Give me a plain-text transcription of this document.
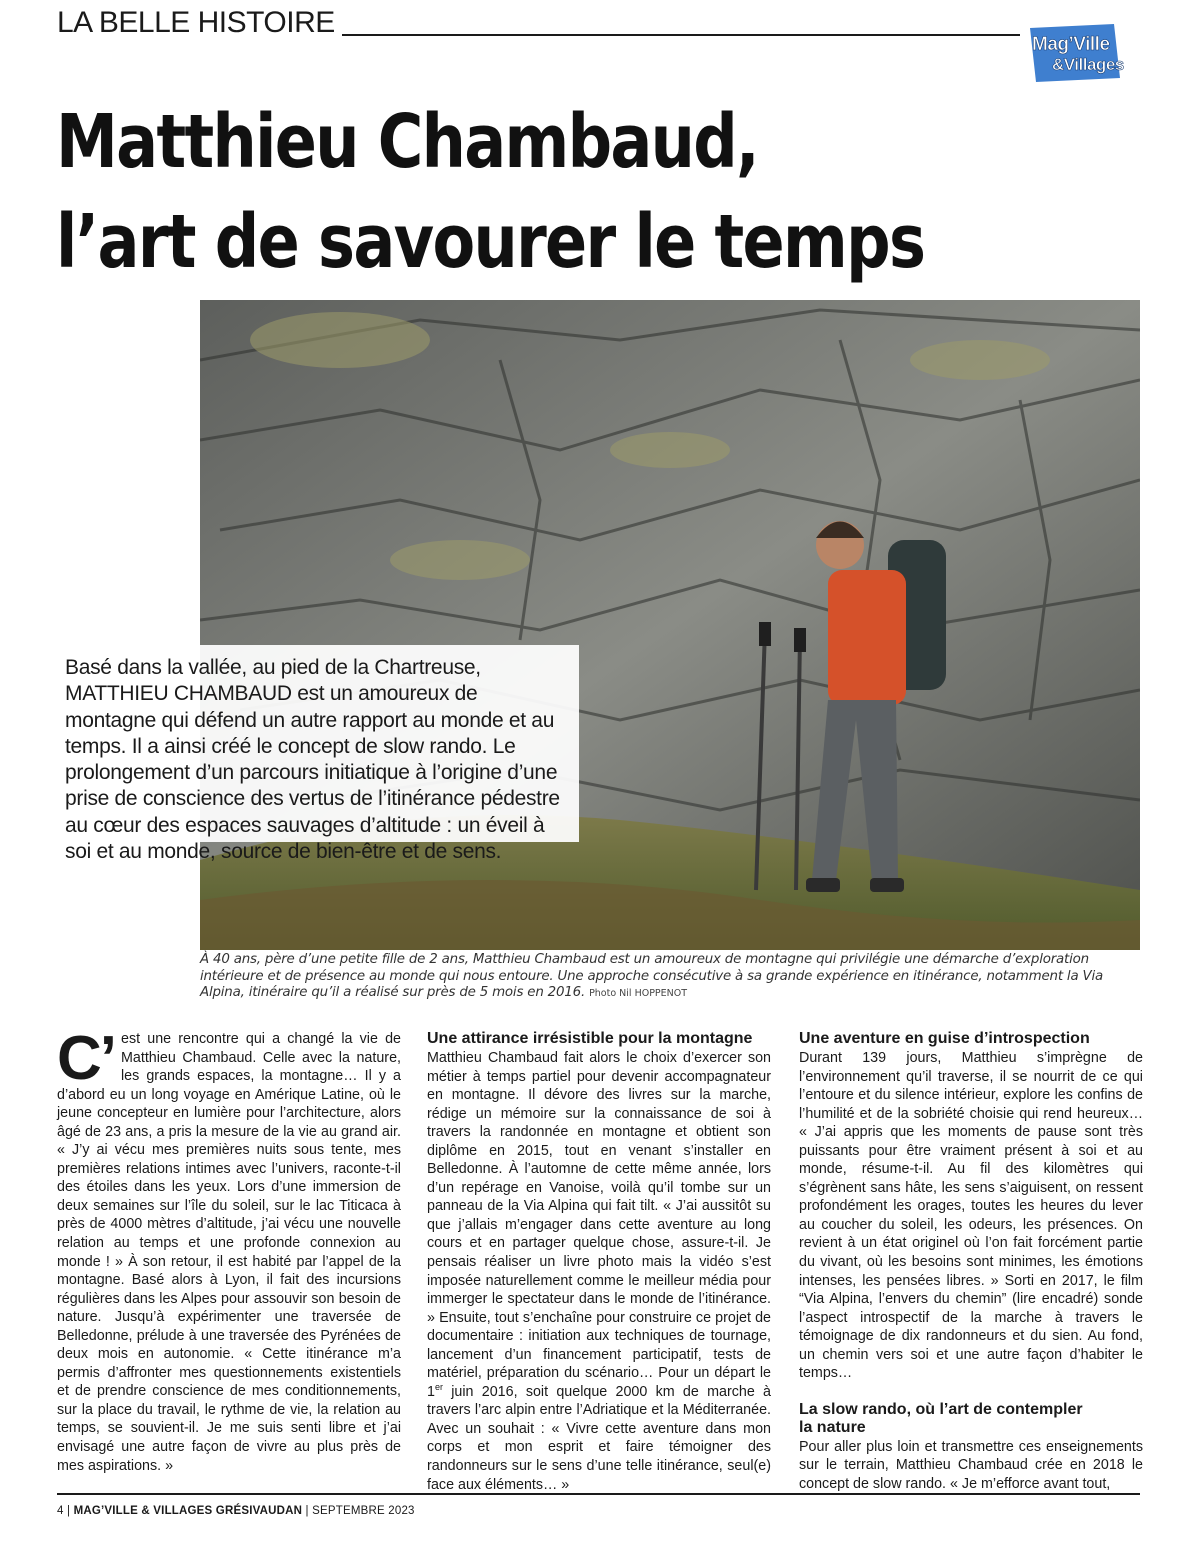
LA BELLE HISTOIRE
Mag’Ville
&Villages
Matthieu Chambaud,
l’art de savourer le temps

Basé dans la vallée, au pied de la Chartreuse, MATTHIEU CHAMBAUD est un amoureux de montagne qui défend un autre rapport au monde et au temps. Il a ainsi créé le concept de slow rando. Le prolongement d’un parcours initiatique à l’origine d’une prise de conscience des vertus de l’itinérance pédestre au cœur des espaces sauvages d’altitude : un éveil à soi et au monde, source de bien-être et de sens.

À 40 ans, père d’une petite fille de 2 ans, Matthieu Chambaud est un amoureux de montagne qui privilégie une démarche d’exploration intérieure et de présence au monde qui nous entoure. Une approche consécutive à sa grande expérience en itinérance, notamment la Via Alpina, itinéraire qu’il a réalisé sur près de 5 mois en 2016. Photo Nil HOPPENOT
C’ est une rencontre qui a changé la vie de Matthieu Chambaud. Celle avec la nature, les grands espaces, la montagne… Il y a d’abord eu un long voyage en Amérique Latine, où le jeune concepteur en lumière pour l’architecture, alors âgé de 23 ans, a pris la mesure de la vie au grand air. « J’y ai vécu mes premières nuits sous tente, mes premières relations intimes avec l’univers, raconte-t-il des étoiles dans les yeux. Lors d’une immersion de deux semaines sur l’île du soleil, sur le lac Titicaca à près de 4000 mètres d’altitude, j’ai vécu une nouvelle relation au temps et une profonde connexion au monde ! » À son retour, il est habité par l’appel de la montagne. Basé alors à Lyon, il fait des incursions régulières dans les Alpes pour assouvir son besoin de nature. Jusqu’à expérimenter une traversée de Belledonne, prélude à une traversée des Pyrénées de deux mois en autonomie. « Cette itinérance m’a permis d’affronter mes questionnements existentiels et de prendre conscience de mes conditionnements, sur la place du travail, le rythme de vie, la relation au temps, se souvient-il. Je me suis senti libre et j’ai envisagé une autre façon de vivre au plus près de mes aspirations. »

Une attirance irrésistible pour la montagne

Matthieu Chambaud fait alors le choix d’exercer son métier à temps partiel pour devenir accompagnateur en montagne. Il dévore des livres sur la marche, rédige un mémoire sur la connaissance de soi à travers la randonnée en montagne et obtient son diplôme en 2015, tout en venant s’installer en Belledonne. À l’automne de cette même année, lors d’un repérage en Vanoise, voilà qu’il tombe sur un panneau de la Via Alpina qui fait tilt. « J’ai aussitôt su que j’allais m’engager dans cette aventure au long cours et en partager quelque chose, assure-t-il. Je pensais réaliser un livre photo mais la vidéo s’est imposée naturellement comme le meilleur média pour immerger le spectateur dans le monde de l’itinérance. » Ensuite, tout s’enchaîne pour construire ce projet de documentaire : initiation aux techniques de tournage, lancement d’un financement participatif, tests de matériel, préparation du scénario… Pour un départ le 1er juin 2016, soit quelque 2000 km de marche à travers l’arc alpin entre l’Adriatique et la Méditerranée. Avec un souhait : « Vivre cette aventure dans mon corps et mon esprit et faire témoigner des randonneurs sur le sens d’une telle itinérance, seul(e) face aux éléments… »

Une aventure en guise d’introspection

Durant 139 jours, Matthieu s’imprègne de l’environnement qu’il traverse, il se nourrit de ce qui l’entoure et du silence intérieur, explore les confins de l’humilité et de la sobriété choisie qui rend heureux… « J’ai appris que les moments de pause sont très puissants pour être vraiment présent à soi et au monde, résume-t-il. Au fil des kilomètres qui s’égrènent sans hâte, les sens s’aiguisent, on ressent profondément les orages, toutes les heures du lever au coucher du soleil, les odeurs, les présences. On revient à un état originel où l’on fait forcément partie du vivant, où les besoins sont minimes, les émotions intenses, les pensées libres. » Sorti en 2017, le film “Via Alpina, l’envers du chemin” (lire encadré) sonde l’aspect introspectif de la marche à travers le témoignage de dix randonneurs et du sien. Au fond, un chemin vers soi et une autre façon d’habiter le temps…

La slow rando, où l’art de contempler
la nature

Pour aller plus loin et transmettre ces enseignements sur le terrain, Matthieu Chambaud crée en 2018 le concept de slow rando. « Je m’efforce avant tout,

4 | MAG’VILLE & VILLAGES GRÉSIVAUDAN | SEPTEMBRE 2023
